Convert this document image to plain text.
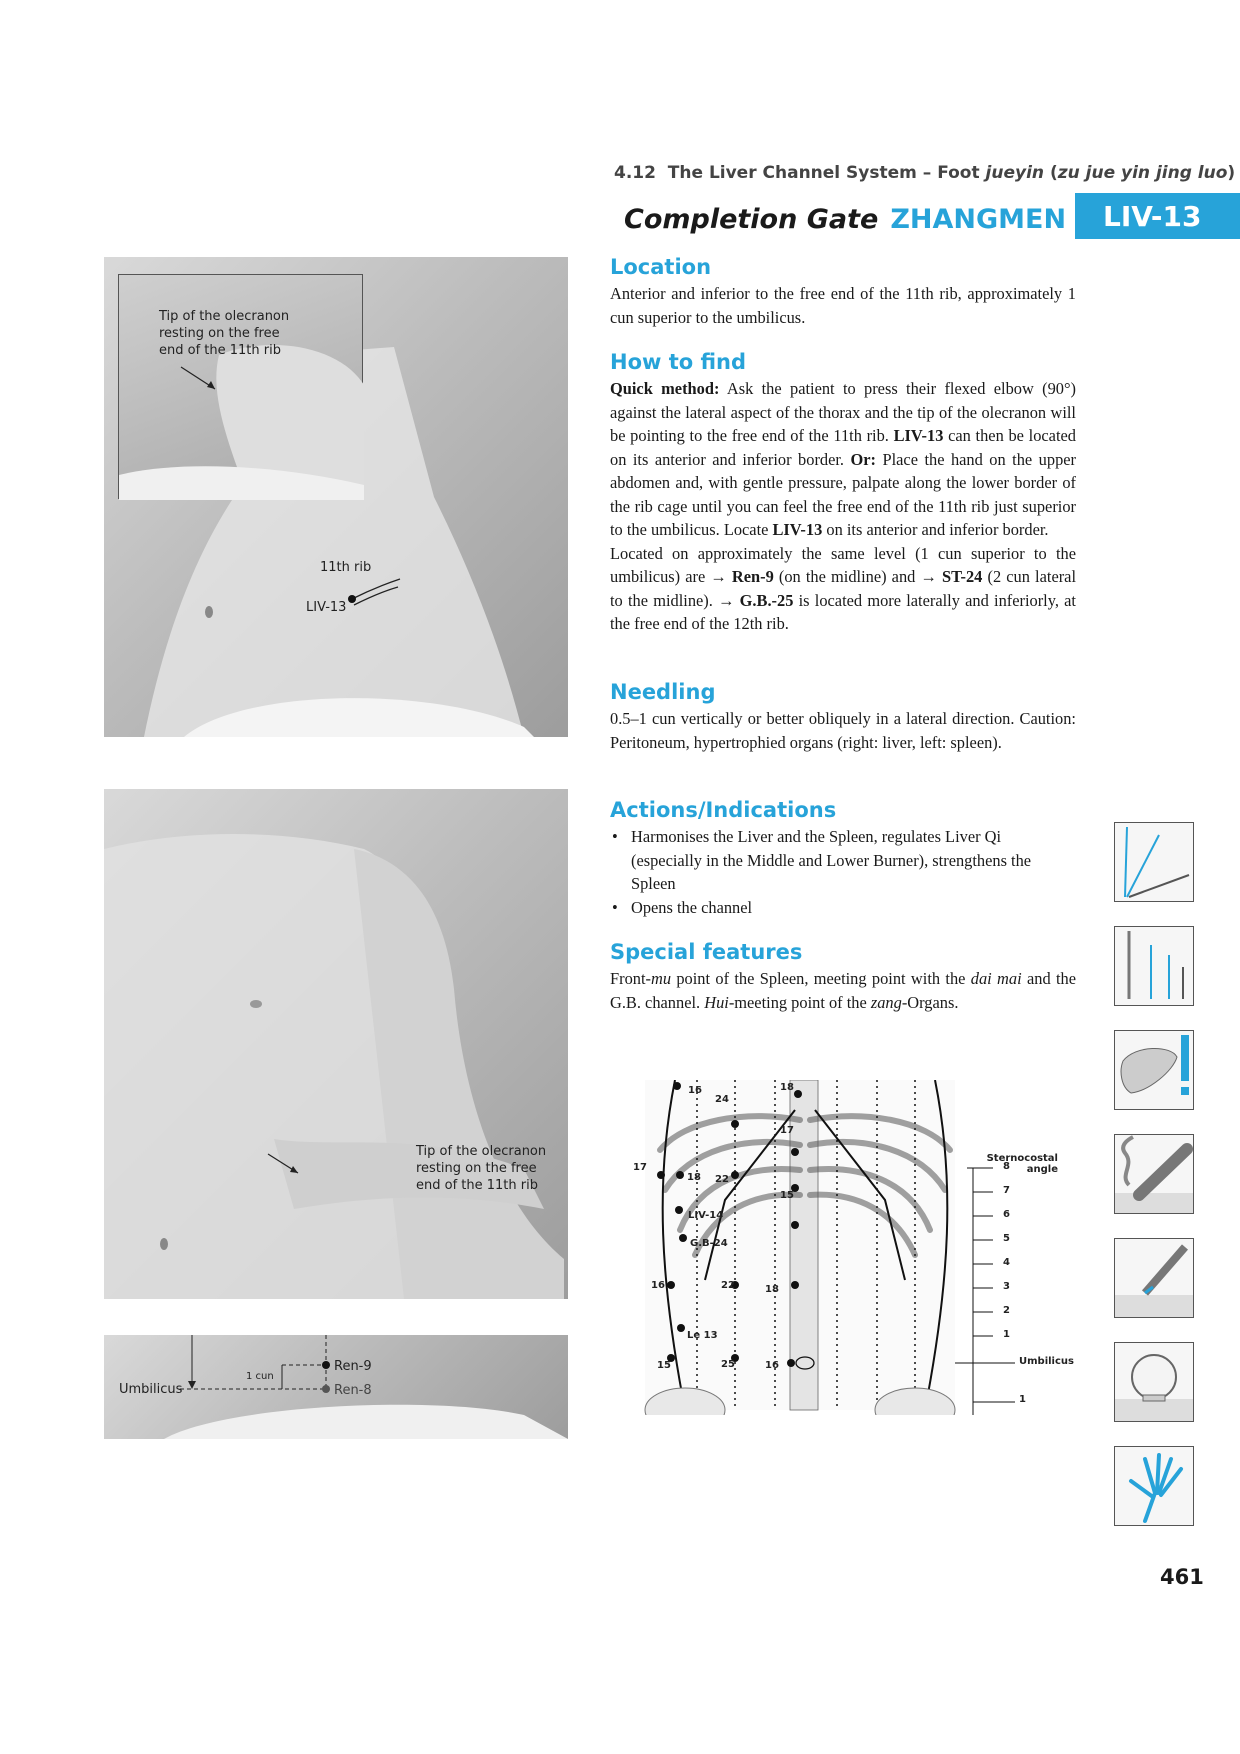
4.12 The Liver Channel System – Foot jueyin (zu jue yin jing luo)
Completion Gate ZHANGMEN LIV-13
Tip of the olecranon resting on the free end of the 11th rib
11th rib
LIV-13
Tip of the olecranon resting on the free end of the 11th rib
Umbilicus
1 cun
Ren-9
Ren-8
Location

Anterior and inferior to the free end of the 11th rib, approximately 1 cun superior to the umbilicus.

How to find

Quick method: Ask the patient to press their flexed elbow (90°) against the lateral aspect of the thorax and the tip of the olecranon will be pointing to the free end of the 11th rib. LIV-13 can then be located on its anterior and inferior border. Or: Place the hand on the upper abdomen and, with gentle pressure, palpate along the lower border of the rib cage until you can feel the free end of the 11th rib just superior to the umbilicus. Locate LIV-13 on its anterior and inferior border.

Located on approximately the same level (1 cun superior to the umbilicus) are → Ren-9 (on the midline) and → ST-24 (2 cun lateral to the midline). → G.B.-25 is located more laterally and inferiorly, at the free end of the 12th rib.

Needling

0.5–1 cun vertically or better obliquely in a lateral direction. Caution: Peritoneum, hypertrophied organs (right: liver, left: spleen).

Actions/Indications
• Harmonises the Liver and the Spleen, regulates Liver Qi (especially in the Middle and Lower Burner), strengthens the Spleen
• Opens the channel
Special features

Front-mu point of the Spleen, meeting point with the dai mai and the G.B. channel. Hui-meeting point of the zang-Organs.

16
24
18
17
17
18 22
15
LIV-14
G.B-24
16	22	18
Le 13
15	25	16
Sternocostal angle
8
7
6
5
4
3
2
1
Umbilicus
1
461
